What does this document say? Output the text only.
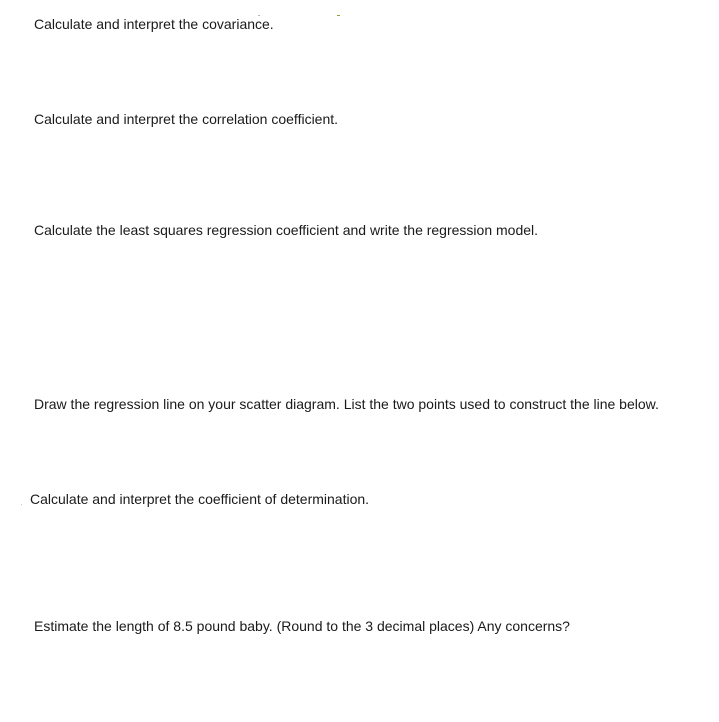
Calculate and interpret the covariance.

Calculate and interpret the correlation coefficient.

Calculate the least squares regression coefficient and write the regression model.

Draw the regression line on your scatter diagram. List the two points used to construct the line below.

Calculate and interpret the coefficient of determination.

Estimate the length of 8.5 pound baby. (Round to the 3 decimal places) Any concerns?
